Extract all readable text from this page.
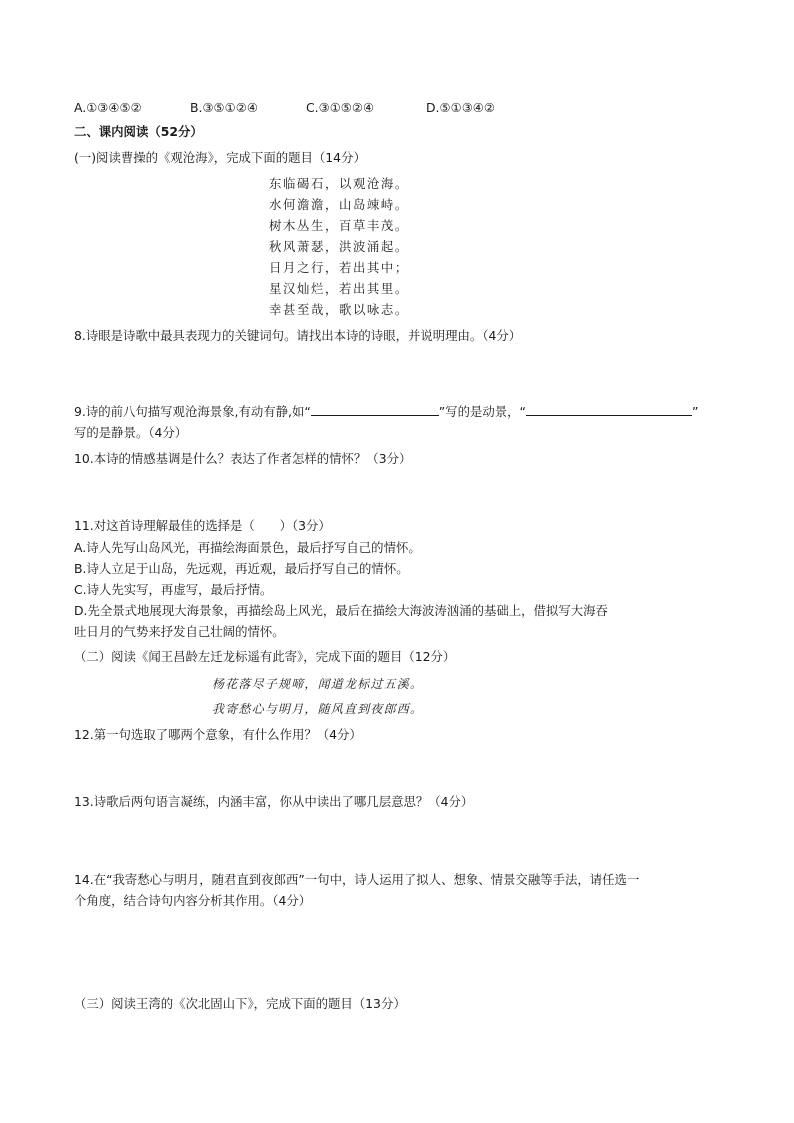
A.①③④⑤②	B.③⑤①②④	C.③①⑤②④	D.⑤①③④②
二、课内阅读（52分）
(一)阅读曹操的《观沧海》，完成下面的题目（14分）
东临碣石，以观沧海。
水何澹澹，山岛竦峙。
树木丛生，百草丰茂。
秋风萧瑟，洪波涌起。
日月之行，若出其中；
星汉灿烂，若出其里。
幸甚至哉，歌以咏志。
8.诗眼是诗歌中最具表现力的关键词句。请找出本诗的诗眼，并说明理由。（4分）
9.诗的前八句描写观沧海景象,有动有静,如“	”写的是动景，“	”
写的是静景。（4分）
10.本诗的情感基调是什么？表达了作者怎样的情怀？（3分）
11.对这首诗理解最佳的选择是（　　）（3分）
A.诗人先写山岛风光，再描绘海面景色，最后抒写自己的情怀。
B.诗人立足于山岛，先远观，再近观，最后抒写自己的情怀。
C.诗人先实写，再虚写，最后抒情。
D.先全景式地展现大海景象，再描绘岛上风光，最后在描绘大海波涛汹涌的基础上，借拟写大海吞
吐日月的气势来抒发自己壮阔的情怀。
（二）阅读《闻王昌龄左迁龙标遥有此寄》，完成下面的题目（12分）
杨花落尽子规啼，闻道龙标过五溪。
我寄愁心与明月，随风直到夜郎西。
12.第一句选取了哪两个意象，有什么作用？（4分）
13.诗歌后两句语言凝练，内涵丰富，你从中读出了哪几层意思？（4分）
14.在“我寄愁心与明月，随君直到夜郎西”一句中，诗人运用了拟人、想象、情景交融等手法，请任选一
个角度，结合诗句内容分析其作用。（4分）
（三）阅读王湾的《次北固山下》，完成下面的题目（13分）
